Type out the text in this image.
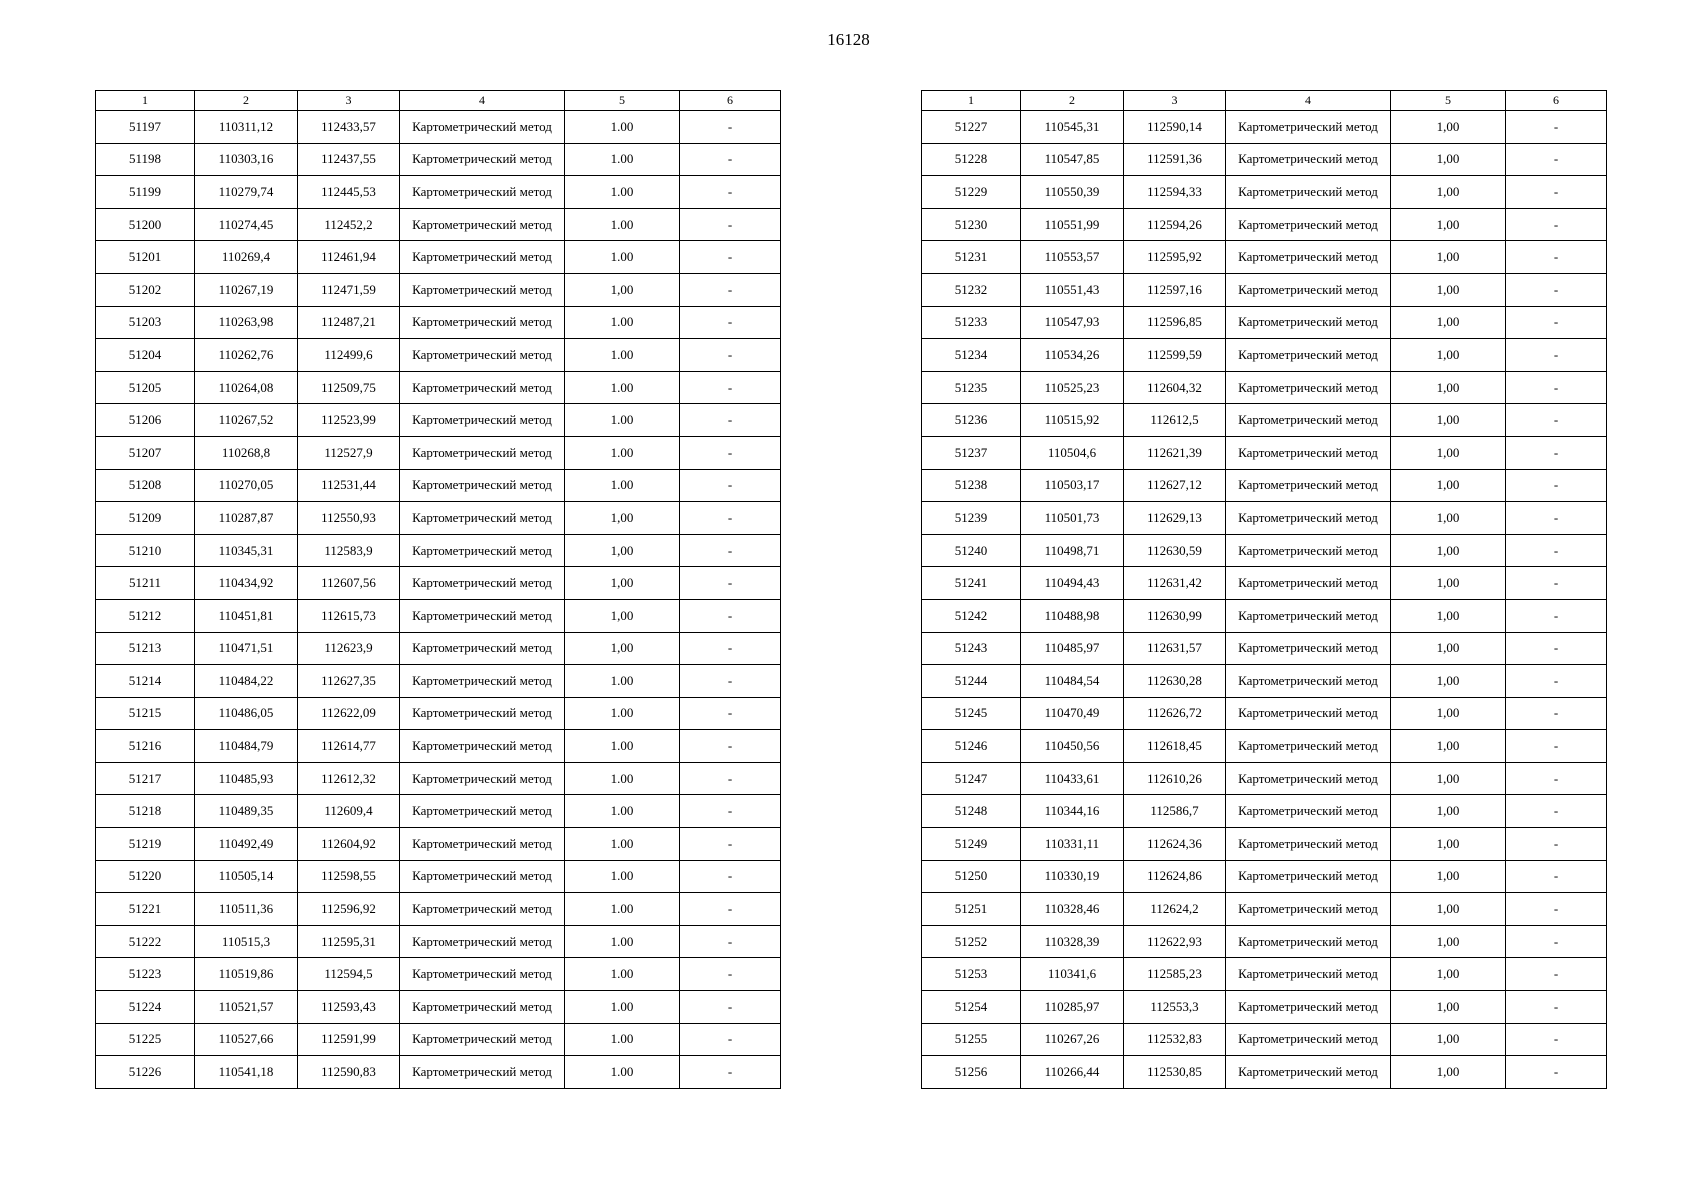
16128
1	2	3	4	5	6
51197	110311,12	112433,57	Картометрический метод	1.00	-
51198	110303,16	112437,55	Картометрический метод	1.00	-
51199	110279,74	112445,53	Картометрический метод	1.00	-
51200	110274,45	112452,2	Картометрический метод	1.00	-
51201	110269,4	112461,94	Картометрический метод	1.00	-
51202	110267,19	112471,59	Картометрический метод	1,00	-
51203	110263,98	112487,21	Картометрический метод	1.00	-
51204	110262,76	112499,6	Картометрический метод	1.00	-
51205	110264,08	112509,75	Картометрический метод	1.00	-
51206	110267,52	112523,99	Картометрический метод	1.00	-
51207	110268,8	112527,9	Картометрический метод	1.00	-
51208	110270,05	112531,44	Картометрический метод	1.00	-
51209	110287,87	112550,93	Картометрический метод	1,00	-
51210	110345,31	112583,9	Картометрический метод	1,00	-
51211	110434,92	112607,56	Картометрический метод	1,00	-
51212	110451,81	112615,73	Картометрический метод	1,00	-
51213	110471,51	112623,9	Картометрический метод	1,00	-
51214	110484,22	112627,35	Картометрический метод	1.00	-
51215	110486,05	112622,09	Картометрический метод	1.00	-
51216	110484,79	112614,77	Картометрический метод	1.00	-
51217	110485,93	112612,32	Картометрический метод	1.00	-
51218	110489,35	112609,4	Картометрический метод	1.00	-
51219	110492,49	112604,92	Картометрический метод	1.00	-
51220	110505,14	112598,55	Картометрический метод	1.00	-
51221	110511,36	112596,92	Картометрический метод	1.00	-
51222	110515,3	112595,31	Картометрический метод	1.00	-
51223	110519,86	112594,5	Картометрический метод	1.00	-
51224	110521,57	112593,43	Картометрический метод	1.00	-
51225	110527,66	112591,99	Картометрический метод	1.00	-
51226	110541,18	112590,83	Картометрический метод	1.00	-
1	2	3	4	5	6
51227	110545,31	112590,14	Картометрический метод	1,00	-
51228	110547,85	112591,36	Картометрический метод	1,00	-
51229	110550,39	112594,33	Картометрический метод	1,00	-
51230	110551,99	112594,26	Картометрический метод	1,00	-
51231	110553,57	112595,92	Картометрический метод	1,00	-
51232	110551,43	112597,16	Картометрический метод	1,00	-
51233	110547,93	112596,85	Картометрический метод	1,00	-
51234	110534,26	112599,59	Картометрический метод	1,00	-
51235	110525,23	112604,32	Картометрический метод	1,00	-
51236	110515,92	112612,5	Картометрический метод	1,00	-
51237	110504,6	112621,39	Картометрический метод	1,00	-
51238	110503,17	112627,12	Картометрический метод	1,00	-
51239	110501,73	112629,13	Картометрический метод	1,00	-
51240	110498,71	112630,59	Картометрический метод	1,00	-
51241	110494,43	112631,42	Картометрический метод	1,00	-
51242	110488,98	112630,99	Картометрический метод	1,00	-
51243	110485,97	112631,57	Картометрический метод	1,00	-
51244	110484,54	112630,28	Картометрический метод	1,00	-
51245	110470,49	112626,72	Картометрический метод	1,00	-
51246	110450,56	112618,45	Картометрический метод	1,00	-
51247	110433,61	112610,26	Картометрический метод	1,00	-
51248	110344,16	112586,7	Картометрический метод	1,00	-
51249	110331,11	112624,36	Картометрический метод	1,00	-
51250	110330,19	112624,86	Картометрический метод	1,00	-
51251	110328,46	112624,2	Картометрический метод	1,00	-
51252	110328,39	112622,93	Картометрический метод	1,00	-
51253	110341,6	112585,23	Картометрический метод	1,00	-
51254	110285,97	112553,3	Картометрический метод	1,00	-
51255	110267,26	112532,83	Картометрический метод	1,00	-
51256	110266,44	112530,85	Картометрический метод	1,00	-
